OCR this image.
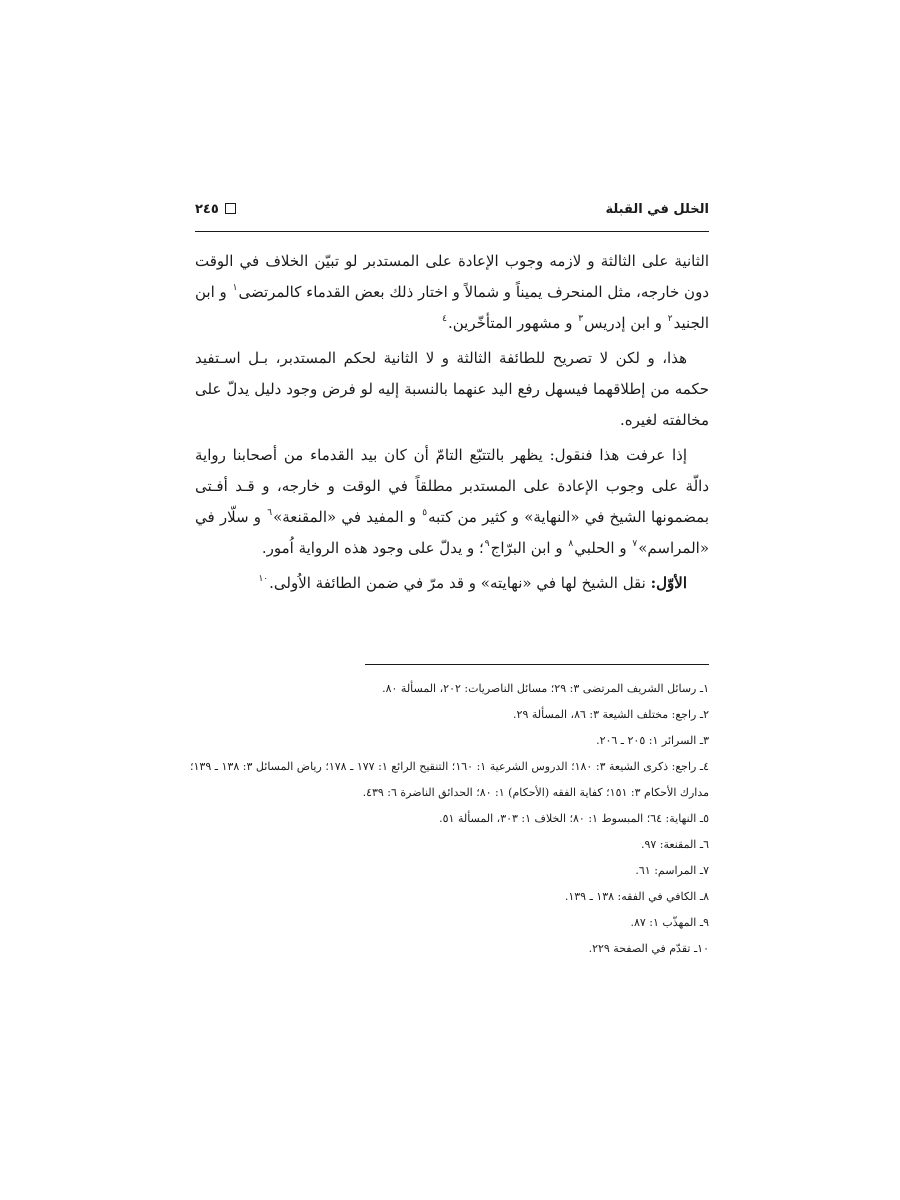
الخلل في القبلة
٢٤٥

الثانية على الثالثة و لازمه وجوب الإعادة على المستدبر لو تبيّن الخلاف في الوقت دون خارجه، مثل المنحرف يميناً و شمالاً و اختار ذلك بعض القدماء كالمرتضى$^١$ و ابن الجنيد$^٢$ و ابن إدريس$^٣$ و مشهور المتأخّرين.$^٤$

هذا، و لكن لا تصريح للطائفة الثالثة و لا الثانية لحكم المستدبر، بـل اسـتفيد حكمه من إطلاقهما فيسهل رفع اليد عنهما بالنسبة إليه لو فرض وجود دليل يدلّ على مخالفته لغيره.

إذا عرفت هذا فنقول: يظهر بالتتبّع التامّ أن كان بيد القدماء من أصحابنا رواية دالّة على وجوب الإعادة على المستدبر مطلقاً في الوقت و خارجه، و قـد أفـتى بمضمونها الشيخ في «النهاية» و كثير من كتبه$^٥$ و المفيد في «المقنعة»$^٦$ و سلّار في «المراسم»$^٧$ و الحلبي$^٨$ و ابن البرّاج$^٩$؛ و يدلّ على وجود هذه الرواية اُمور.

الأوّل: نقل الشيخ لها في «نهايته» و قد مرّ في ضمن الطائفة الاُولى.$^{١٠}$

١ـ رسائل الشريف المرتضى ٣: ٢٩؛ مسائل الناصريات: ٢٠٢، المسألة ٨٠.
٢ـ راجع: مختلف الشيعة ٣: ٨٦، المسألة ٢٩.
٣ـ السرائر ١: ٢٠٥ ـ ٢٠٦.
٤ـ راجع: ذكرى الشيعة ٣: ١٨٠؛ الدروس الشرعية ١: ١٦٠؛ التنقيح الرائع ١: ١٧٧ ـ ١٧٨؛ رياض المسائل ٣: ١٣٨ ـ ١٣٩؛ مدارك الأحكام ٣: ١٥١؛ كفاية الفقه (الأحكام) ١: ٨٠؛ الحدائق الناضرة ٦: ٤٣٩.
٥ـ النهاية: ٦٤؛ المبسوط ١: ٨٠؛ الخلاف ١: ٣٠٣، المسألة ٥١.
٦ـ المقنعة: ٩٧.
٧ـ المراسم: ٦١.
٨ـ الكافي في الفقه: ١٣٨ ـ ١٣٩.
٩ـ المهذّب ١: ٨٧.
١٠ـ تقدّم في الصفحة ٢٢٩.
